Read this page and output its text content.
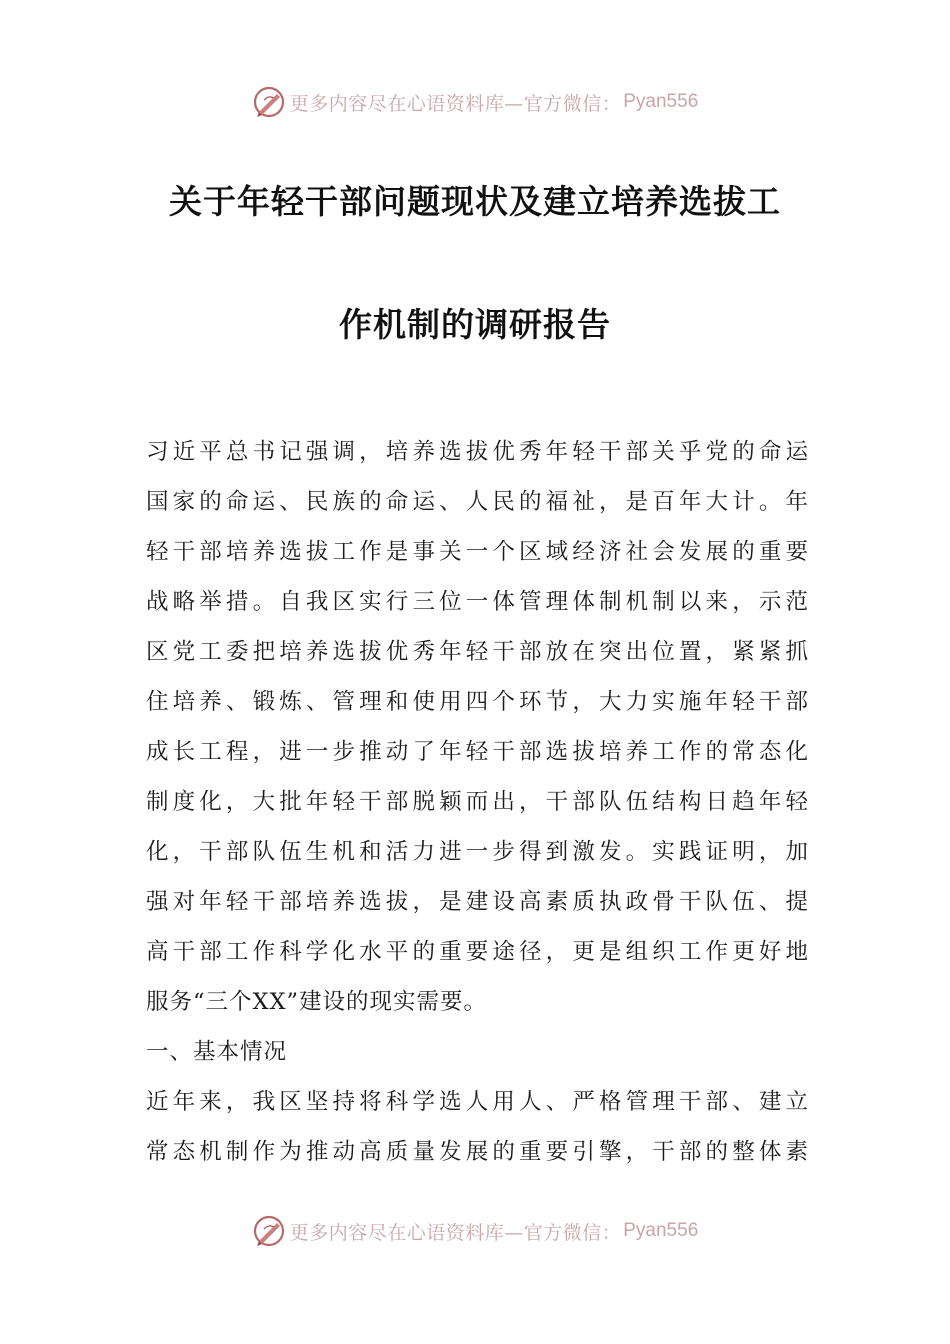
更多内容尽在心语资料库—官方微信： Pyan556
关于年轻干部问题现状及建立培养选拔工
作机制的调研报告
习近平总书记强调，培养选拔优秀年轻干部关乎党的命运
国家的命运、民族的命运、人民的福祉，是百年大计。年
轻干部培养选拔工作是事关一个区域经济社会发展的重要
战略举措。自我区实行三位一体管理体制机制以来，示范
区党工委把培养选拔优秀年轻干部放在突出位置，紧紧抓
住培养、锻炼、管理和使用四个环节，大力实施年轻干部
成长工程，进一步推动了年轻干部选拔培养工作的常态化
制度化，大批年轻干部脱颖而出，干部队伍结构日趋年轻
化，干部队伍生机和活力进一步得到激发。实践证明，加
强对年轻干部培养选拔，是建设高素质执政骨干队伍、提
高干部工作科学化水平的重要途径，更是组织工作更好地
服务“三个XX”建设的现实需要。
一、基本情况
近年来，我区坚持将科学选人用人、严格管理干部、建立
常态机制作为推动高质量发展的重要引擎，干部的整体素
更多内容尽在心语资料库—官方微信： Pyan556
